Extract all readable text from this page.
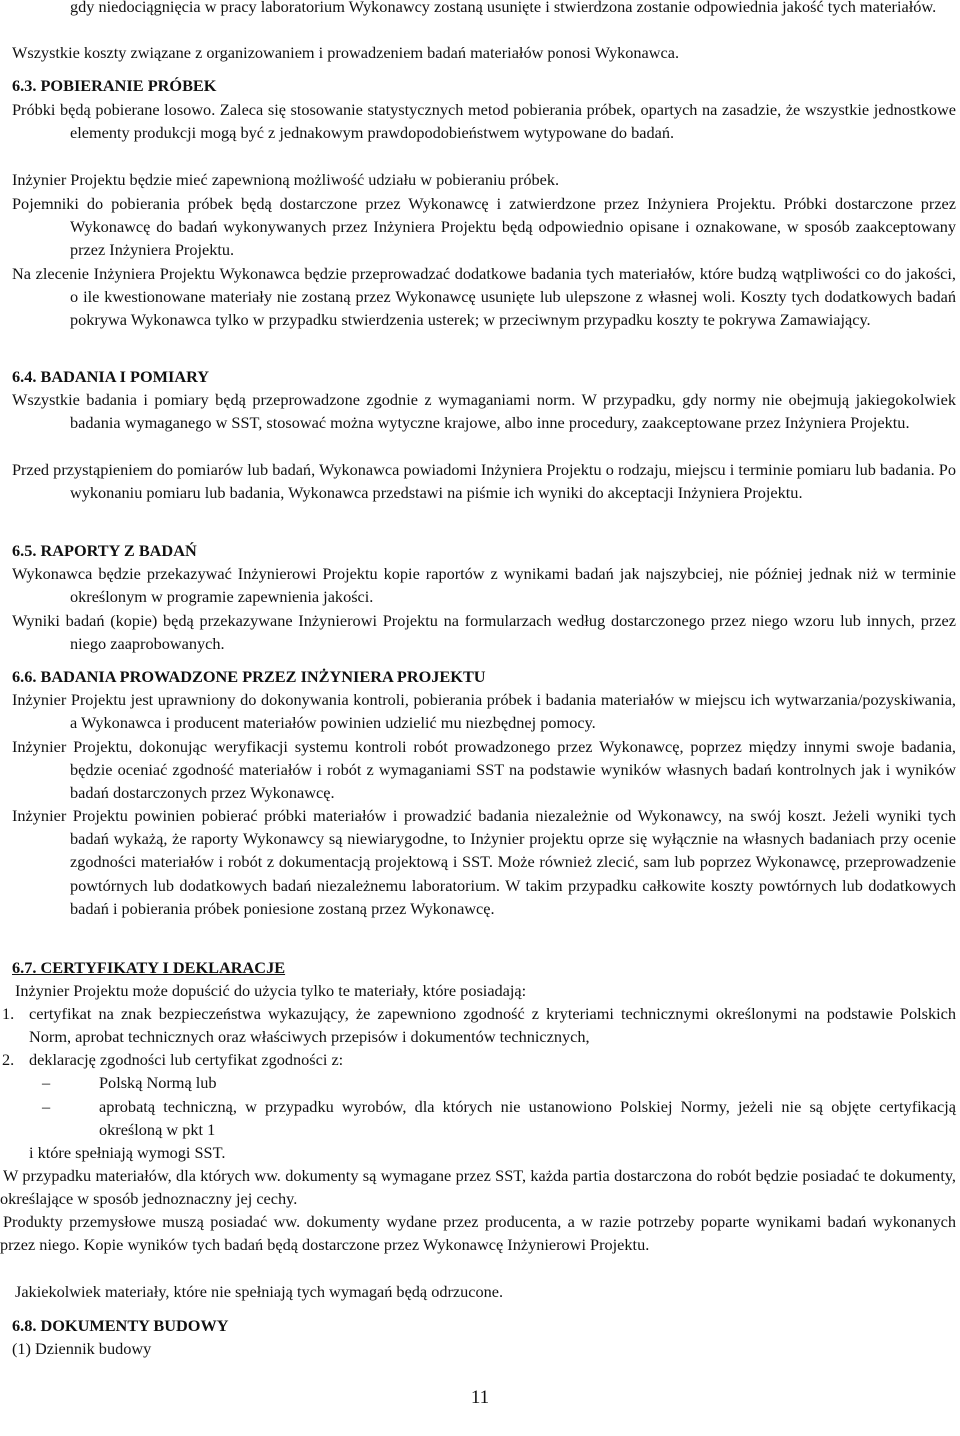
gdy niedociągnięcia w pracy laboratorium Wykonawcy zostaną usunięte i stwierdzona zostanie odpowiednia jakość tych materiałów.
Wszystkie koszty związane z organizowaniem i prowadzeniem badań materiałów ponosi Wykonawca.
6.3. POBIERANIE PRÓBEK
Próbki będą pobierane losowo. Zaleca się stosowanie statystycznych metod pobierania próbek, opartych na zasadzie, że wszystkie jednostkowe elementy produkcji mogą być z jednakowym prawdopodobieństwem wytypowane do badań.
Inżynier Projektu będzie mieć zapewnioną możliwość udziału w pobieraniu próbek.
Pojemniki do pobierania próbek będą dostarczone przez Wykonawcę i zatwierdzone przez Inżyniera Projektu. Próbki dostarczone przez Wykonawcę do badań wykonywanych przez Inżyniera Projektu będą odpowiednio opisane i oznakowane, w sposób zaakceptowany przez Inżyniera Projektu.
Na zlecenie Inżyniera Projektu Wykonawca będzie przeprowadzać dodatkowe badania tych materiałów, które budzą wątpliwości co do jakości, o ile kwestionowane materiały nie zostaną przez Wykonawcę usunięte lub ulepszone z własnej woli. Koszty tych dodatkowych badań pokrywa Wykonawca tylko w przypadku stwierdzenia usterek; w przeciwnym przypadku koszty te pokrywa Zamawiający.
6.4. BADANIA I POMIARY
Wszystkie badania i pomiary będą przeprowadzone zgodnie z wymaganiami norm. W przypadku, gdy normy nie obejmują jakiegokolwiek badania wymaganego w SST, stosować można wytyczne krajowe, albo inne procedury, zaakceptowane przez Inżyniera Projektu.
Przed przystąpieniem do pomiarów lub badań, Wykonawca powiadomi Inżyniera Projektu o rodzaju, miejscu i terminie pomiaru lub badania. Po wykonaniu pomiaru lub badania, Wykonawca przedstawi na piśmie ich wyniki do akceptacji Inżyniera Projektu.
6.5. RAPORTY Z BADAŃ
Wykonawca będzie przekazywać Inżynierowi Projektu kopie raportów z wynikami badań jak najszybciej, nie później jednak niż w terminie określonym w programie zapewnienia jakości.
Wyniki badań (kopie) będą przekazywane Inżynierowi Projektu na formularzach według dostarczonego przez niego wzoru lub innych, przez niego zaaprobowanych.
6.6. BADANIA PROWADZONE PRZEZ INŻYNIERA PROJEKTU
Inżynier Projektu jest uprawniony do dokonywania kontroli, pobierania próbek i badania materiałów w miejscu ich wytwarzania/pozyskiwania, a Wykonawca i producent materiałów powinien udzielić mu niezbędnej pomocy.
Inżynier Projektu, dokonując weryfikacji systemu kontroli robót prowadzonego przez Wykonawcę, poprzez między innymi swoje badania, będzie oceniać zgodność materiałów i robót z wymaganiami SST na podstawie wyników własnych badań kontrolnych jak i wyników badań dostarczonych przez Wykonawcę.
Inżynier Projektu powinien pobierać próbki materiałów i prowadzić badania niezależnie od Wykonawcy, na swój koszt. Jeżeli wyniki tych badań wykażą, że raporty Wykonawcy są niewiarygodne, to Inżynier projektu oprze się wyłącznie na własnych badaniach przy ocenie zgodności materiałów i robót z dokumentacją projektową i SST. Może również zlecić, sam lub poprzez Wykonawcę, przeprowadzenie powtórnych lub dodatkowych badań niezależnemu laboratorium. W takim przypadku całkowite koszty powtórnych lub dodatkowych badań i pobierania próbek poniesione zostaną przez Wykonawcę.
6.7. CERTYFIKATY I DEKLARACJE
Inżynier Projektu może dopuścić do użycia tylko te materiały, które posiadają:
1. certyfikat na znak bezpieczeństwa wykazujący, że zapewniono zgodność z kryteriami technicznymi określonymi na podstawie Polskich Norm, aprobat technicznych oraz właściwych przepisów i dokumentów technicznych,
2. deklarację zgodności lub certyfikat zgodności z:
–	Polską Normą lub
–	aprobatą techniczną, w przypadku wyrobów, dla których nie ustanowiono Polskiej Normy, jeżeli nie są objęte certyfikacją określoną w pkt 1
i które spełniają wymogi SST.
W przypadku materiałów, dla których ww. dokumenty są wymagane przez SST, każda partia dostarczona do robót będzie posiadać te dokumenty, określające w sposób jednoznaczny jej cechy.
Produkty przemysłowe muszą posiadać ww. dokumenty wydane przez producenta, a w razie potrzeby poparte wynikami badań wykonanych przez niego. Kopie wyników tych badań będą dostarczone przez Wykonawcę Inżynierowi Projektu.
Jakiekolwiek materiały, które nie spełniają tych wymagań będą odrzucone.
6.8. DOKUMENTY BUDOWY
(1) Dziennik budowy
11
